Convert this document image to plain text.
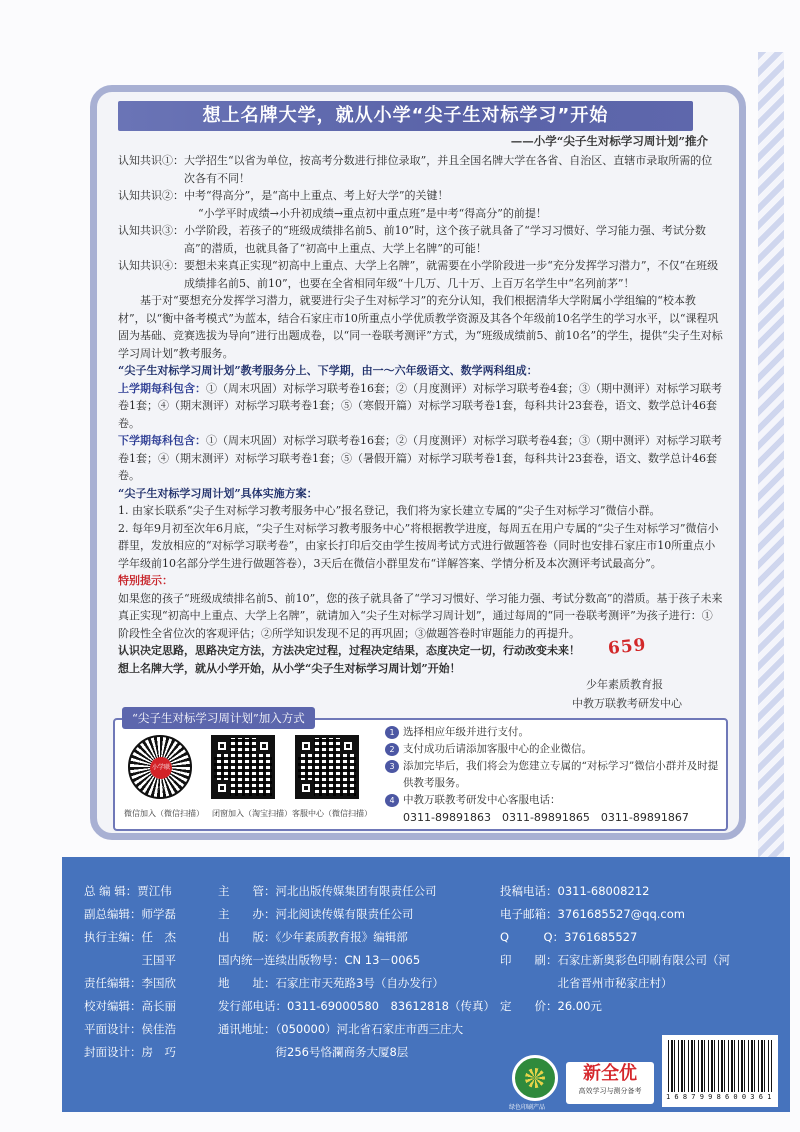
想上名牌大学，就从小学“尖子生对标学习”开始
——小学“尖子生对标学习周计划”推介

认知共识①： 大学招生“以省为单位，按高考分数进行排位录取”，并且全国名牌大学在各省、自治区、直辖市录取所需的位次各有不同！

认知共识②： 中考“得高分”，是“高中上重点、考上好大学”的关键！

“小学平时成绩→小升初成绩→重点初中重点班”是中考“得高分”的前提！

认知共识③： 小学阶段，若孩子的“班级成绩排名前5、前10”时，这个孩子就具备了“学习习惯好、学习能力强、考试分数高”的潜质，也就具备了“初高中上重点、大学上名牌”的可能！

认知共识④： 要想未来真正实现“初高中上重点、大学上名牌”，就需要在小学阶段进一步“充分发挥学习潜力”，不仅“在班级成绩排名前5、前10”，也要在全省相同年级“十几万、几十万、上百万名学生中“名列前茅”！

基于对“要想充分发挥学习潜力，就要进行尖子生对标学习”的充分认知，我们根据清华大学附属小学组编的“校本教材”，以“衡中备考模式”为蓝本，结合石家庄市10所重点小学优质教学资源及其各个年级前10名学生的学习水平，以“课程巩固为基础、竞赛选拔为导向”进行出题成卷，以“同一卷联考测评”方式，为“班级成绩前5、前10名”的学生，提供“尖子生对标学习周计划”教考服务。

“尖子生对标学习周计划”教考服务分上、下学期，由一～六年级语文、数学两科组成：

上学期每科包含：①（周末巩固）对标学习联考卷16套；②（月度测评）对标学习联考卷4套；③（期中测评）对标学习联考卷1套；④（期末测评）对标学习联考卷1套；⑤（寒假开篇）对标学习联考卷1套，每科共计23套卷，语文、数学总计46套卷。

下学期每科包含：①（周末巩固）对标学习联考卷16套；②（月度测评）对标学习联考卷4套；③（期中测评）对标学习联考卷1套；④（期末测评）对标学习联考卷1套；⑤（暑假开篇）对标学习联考卷1套，每科共计23套卷，语文、数学总计46套卷。

“尖子生对标学习周计划”具体实施方案：

1. 由家长联系“尖子生对标学习教考服务中心”报名登记，我们将为家长建立专属的“尖子生对标学习”微信小群。
2. 每年9月初至次年6月底，“尖子生对标学习教考服务中心”将根据教学进度，每周五在用户专属的“尖子生对标学习”微信小群里，发放相应的“对标学习联考卷”，由家长打印后交由学生按周考试方式进行做题答卷（同时也安排石家庄市10所重点小学年级前10名部分学生进行做题答卷），3天后在微信小群里发布“详解答案、学情分析及本次测评考试最高分”。

特别提示：

如果您的孩子“班级成绩排名前5、前10”，您的孩子就具备了“学习习惯好、学习能力强、考试分数高”的潜质。基于孩子未来真正实现“初高中上重点、大学上名牌”，就请加入“尖子生对标学习周计划”，通过每周的“同一卷联考测评”为孩子进行：①阶段性全省位次的客观评估；②所学知识发现不足的再巩固；③做题答卷时审题能力的再提升。

认识决定思路，思路决定方法，方法决定过程，过程决定结果，态度决定一切，行动改变未来！

想上名牌大学，就从小学开始，从小学“尖子生对标学习周计划”开始！

659
少年素质教育报
中教万联教考研发中心
“尖子生对标学习周计划”加入方式
小学联考
微信加入（微信扫描） 闭窗加入（淘宝扫描） 客服中心（微信扫描）
1 选择相应年级并进行支付。
2 支付成功后请添加客服中心的企业微信。
3 添加完毕后，我们将会为您建立专属的“对标学习”微信小群并及时提供教考服务。
4 中教万联教考研发中心客服电话：
0311-89891863　0311-89891865　0311-89891867
总 编 辑：贾江伟
副总编辑：师学磊
执行主编：任　杰
　　　　　王国平
责任编辑：李国欣
校对编辑：高长丽
平面设计：侯佳浩
封面设计：房　巧
主　　管：河北出版传媒集团有限责任公司
主　　办：河北阅读传媒有限责任公司
出　　版：《少年素质教育报》编辑部
国内统一连续出版物号：CN 13－0065
地　　址：石家庄市天苑路3号（自办发行）
发行部电话：0311-69000580　83612818（传真）
通讯地址：（050000）河北省石家庄市西三庄大
　　　　　街256号恪瀾商务大厦8层
投稿电话：0311-68008212
电子邮箱：3761685527@qq.com
Q　　　Q：3761685527
印　　刷：石家庄新奥彩色印刷有限公司（河
　　　　　北省晋州市秘家庄村）
定　　价：26.00元
绿色印刷产品
新全优
高效学习与测分备考
1 6 8 7 9 9 8 6 0 0 3 6 1
